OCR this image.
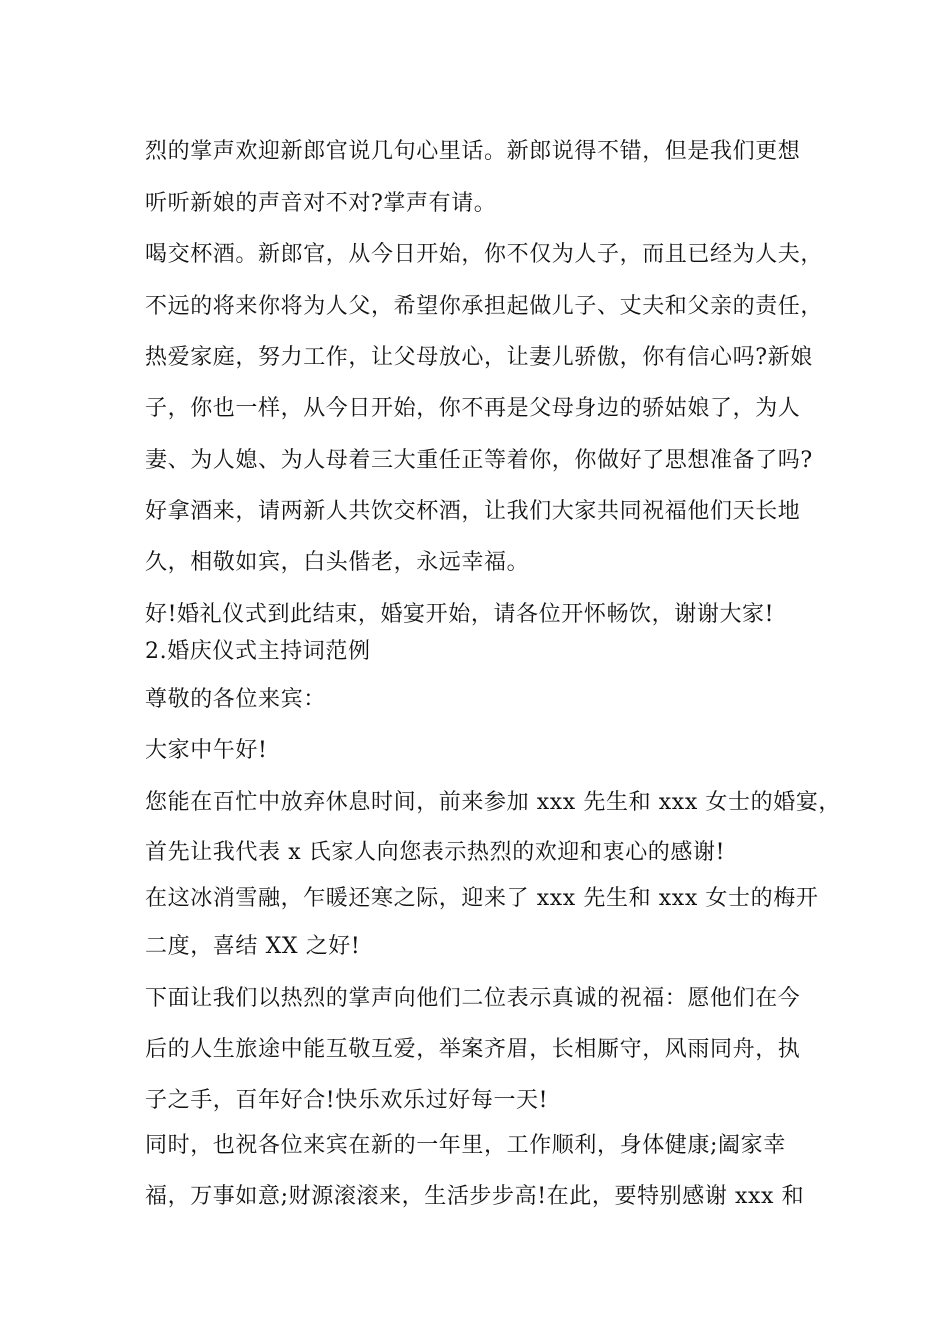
烈的掌声欢迎新郎官说几句心里话。新郎说得不错，但是我们更想
听听新娘的声音对不对?掌声有请。
喝交杯酒。新郎官，从今日开始，你不仅为人子，而且已经为人夫，
不远的将来你将为人父，希望你承担起做儿子、丈夫和父亲的责任，
热爱家庭，努力工作，让父母放心，让妻儿骄傲，你有信心吗?新娘
子，你也一样，从今日开始，你不再是父母身边的骄姑娘了，为人
妻、为人媳、为人母着三大重任正等着你，你做好了思想准备了吗?
好拿酒来，请两新人共饮交杯酒，让我们大家共同祝福他们天长地
久，相敬如宾，白头偕老，永远幸福。
好!婚礼仪式到此结束，婚宴开始，请各位开怀畅饮，谢谢大家!
2.婚庆仪式主持词范例
尊敬的各位来宾：
大家中午好!
您能在百忙中放弃休息时间，前来参加 xxx 先生和 xxx 女士的婚宴，
首先让我代表 x 氏家人向您表示热烈的欢迎和衷心的感谢!
在这冰消雪融，乍暖还寒之际，迎来了 xxx 先生和 xxx 女士的梅开
二度，喜结 XX 之好!
下面让我们以热烈的掌声向他们二位表示真诚的祝福：愿他们在今
后的人生旅途中能互敬互爱，举案齐眉，长相厮守，风雨同舟，执
子之手，百年好合!快乐欢乐过好每一天!
同时，也祝各位来宾在新的一年里，工作顺利，身体健康;阖家幸
福，万事如意;财源滚滚来，生活步步高!在此，要特别感谢 xxx 和
